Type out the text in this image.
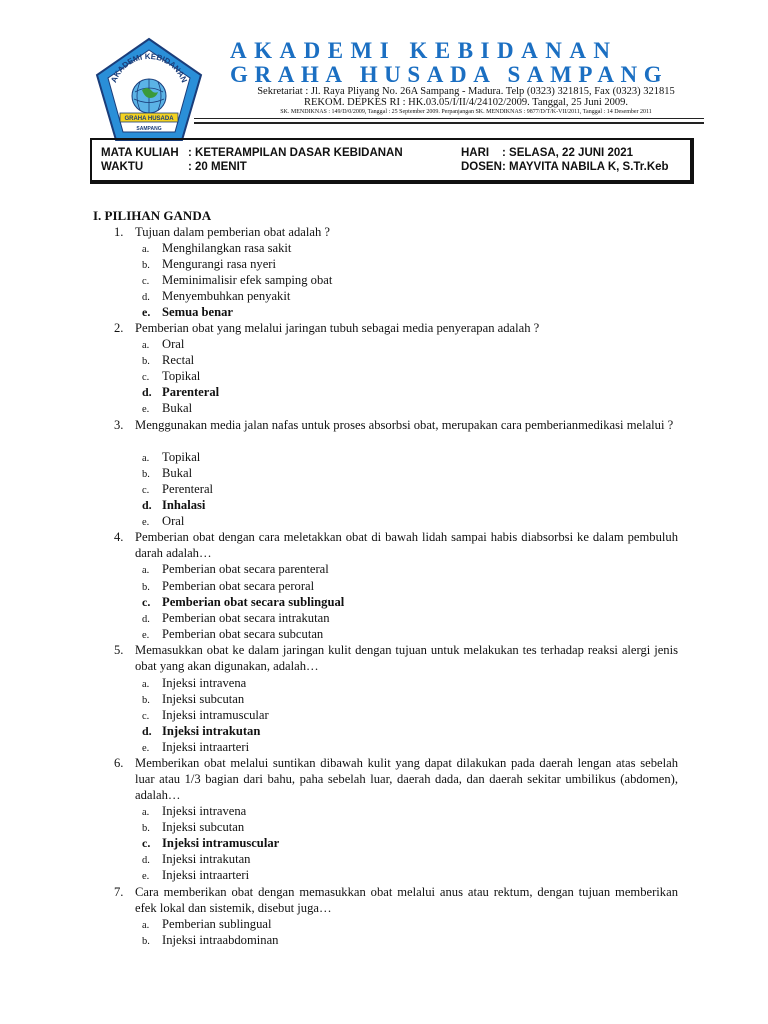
AKADEMI KEBIDANAN
GRAHA HUSADA
SAMPANG
AKADEMI KEBIDANAN
GRAHA HUSADA SAMPANG
Sekretariat : Jl. Raya Pliyang No. 26A Sampang - Madura. Telp (0323) 321815, Fax (0323) 321815
REKOM. DEPKES RI : HK.03.05/I/II/4/24102/2009. Tanggal, 25 Juni 2009.
SK. MENDIKNAS : 149/D/0/2009, Tanggal : 25 September 2009. Perpanjangan SK. MENDIKNAS : 9877/D/T/K-VII/2011, Tanggal : 14 Desember 2011
MATA KULIAH : KETERAMPILAN DASAR KEBIDANAN
WAKTU	: 20 MENIT
HARI : SELASA, 22 JUNI 2021
DOSEN : MAYVITA NABILA K, S.Tr.Keb
I. PILIHAN GANDA
1. Tujuan dalam pemberian obat adalah ?
a. Menghilangkan rasa sakit
b. Mengurangi rasa nyeri
c. Meminimalisir efek samping obat
d. Menyembuhkan penyakit
e. Semua benar
2. Pemberian obat yang melalui jaringan tubuh sebagai media penyerapan adalah ?
a. Oral
b. Rectal
c. Topikal
d. Parenteral
e. Bukal
3. Menggunakan media jalan nafas untuk proses absorbsi obat, merupakan cara pemberianmedikasi melalui ?
a. Topikal
b. Bukal
c. Perenteral
d. Inhalasi
e. Oral
4. Pemberian obat dengan cara meletakkan obat di bawah lidah sampai habis diabsorbsi ke dalam pembuluh darah adalah…
a. Pemberian obat secara parenteral
b. Pemberian obat secara peroral
c. Pemberian obat secara sublingual
d. Pemberian obat secara intrakutan
e. Pemberian obat secara subcutan
5. Memasukkan obat ke dalam jaringan kulit dengan tujuan untuk melakukan tes terhadap reaksi alergi jenis obat yang akan digunakan, adalah…
a. Injeksi intravena
b. Injeksi subcutan
c. Injeksi intramuscular
d. Injeksi intrakutan
e. Injeksi intraarteri
6. Memberikan obat melalui suntikan dibawah kulit yang dapat dilakukan pada daerah lengan atas sebelah luar atau 1/3 bagian dari bahu, paha sebelah luar, daerah dada, dan daerah sekitar umbilikus (abdomen), adalah…
a. Injeksi intravena
b. Injeksi subcutan
c. Injeksi intramuscular
d. Injeksi intrakutan
e. Injeksi intraarteri
7. Cara memberikan obat dengan memasukkan obat melalui anus atau rektum, dengan tujuan memberikan efek lokal dan sistemik, disebut juga…
a. Pemberian sublingual
b. Injeksi intraabdominan
